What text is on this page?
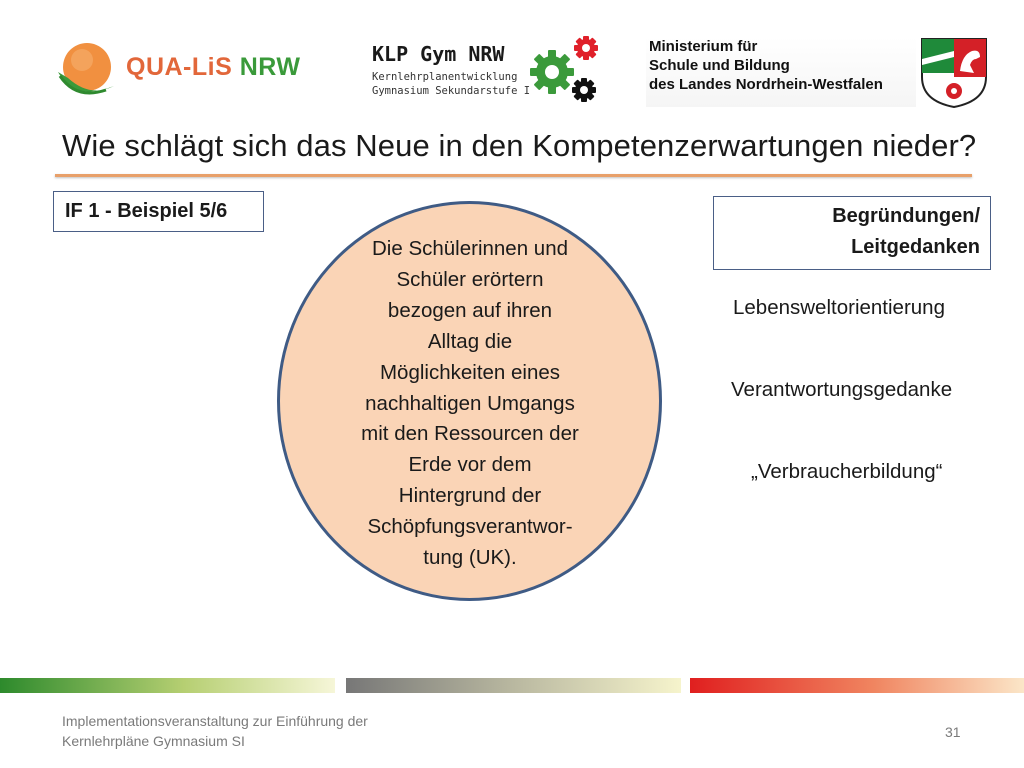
QUA-LiS NRW	KLP Gym NRW
Kernlehrplanentwicklung
Gymnasium Sekundarstufe I
Ministerium für
Schule und Bildung
des Landes Nordrhein-Westfalen
Wie schlägt sich das Neue in den Kompetenzerwartungen nieder?
IF 1 - Beispiel 5/6
Die Schülerinnen und
Schüler erörtern
bezogen auf ihren
Alltag die
Möglichkeiten eines
nachhaltigen Umgangs
mit den Ressourcen der
Erde vor dem
Hintergrund der
Schöpfungsverantwor-
tung (UK).
Begründungen/
Leitgedanken
Lebensweltorientierung
Verantwortungsgedanke
„Verbraucherbildung“
Implementationsveranstaltung zur Einführung der
Kernlehrpläne Gymnasium SI
31
